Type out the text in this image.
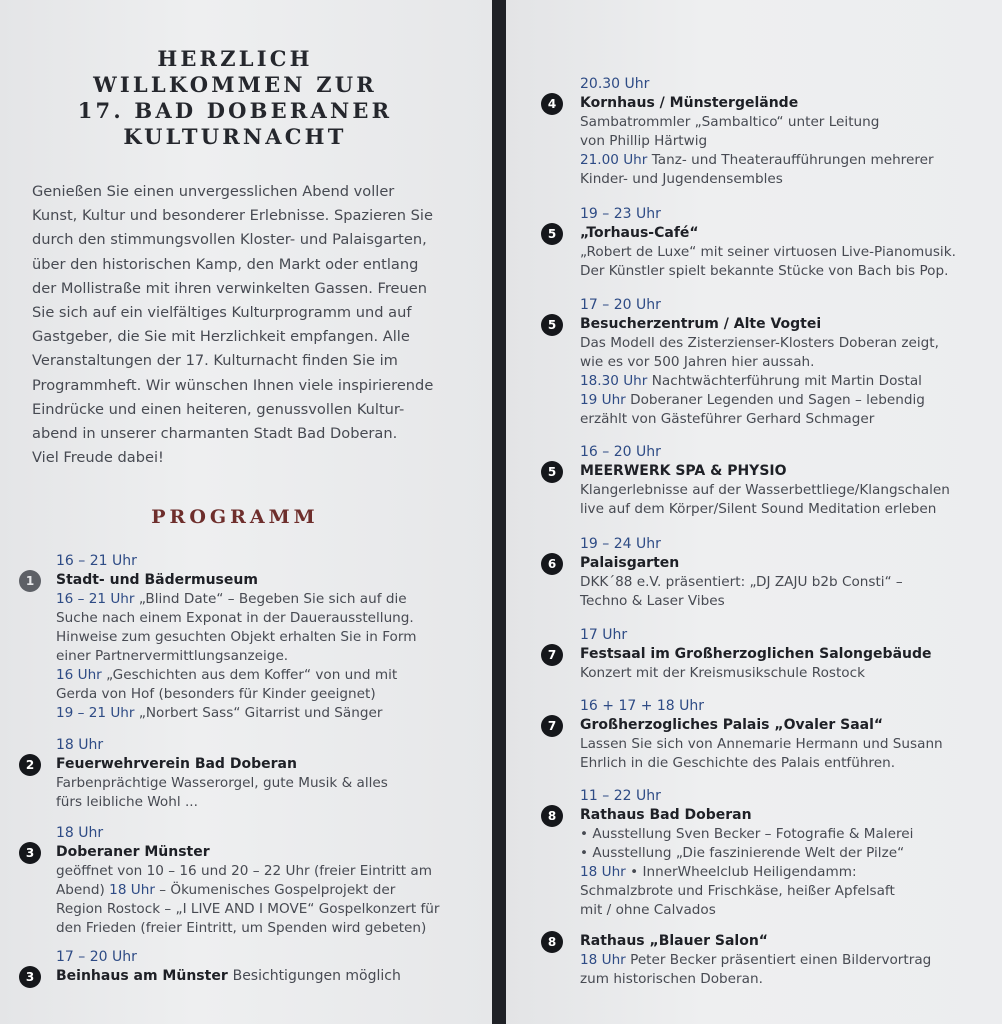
HERZLICH
WILLKOMMEN ZUR
17. BAD DOBERANER
KULTURNACHT
Genießen Sie einen unvergesslichen Abend voller
Kunst, Kultur und besonderer Erlebnisse. Spazieren Sie
durch den stimmungsvollen Kloster- und Palaisgarten,
über den historischen Kamp, den Markt oder entlang
der Mollistraße mit ihren verwinkelten Gassen. Freuen
Sie sich auf ein vielfältiges Kulturprogramm und auf
Gastgeber, die Sie mit Herzlichkeit empfangen. Alle
Veranstaltungen der 17. Kulturnacht finden Sie im
Programmheft. Wir wünschen Ihnen viele inspirierende
Eindrücke und einen heiteren, genussvollen Kultur-
abend in unserer charmanten Stadt Bad Doberan.
Viel Freude dabei!
PROGRAMM
16 – 21 Uhr
Stadt- und Bädermuseum
16 – 21 Uhr „Blind Date“ – Begeben Sie sich auf die
Suche nach einem Exponat in der Dauerausstellung.
Hinweise zum gesuchten Objekt erhalten Sie in Form
einer Partnervermittlungsanzeige.
16 Uhr „Geschichten aus dem Koffer“ von und mit
Gerda von Hof (besonders für Kinder geeignet)
19 – 21 Uhr „Norbert Sass“ Gitarrist und Sänger
1
18 Uhr
Feuerwehrverein Bad Doberan
Farbenprächtige Wasserorgel, gute Musik & alles
fürs leibliche Wohl ...
2
18 Uhr
Doberaner Münster
geöffnet von 10 – 16 und 20 – 22 Uhr (freier Eintritt am
Abend) 18 Uhr – Ökumenisches Gospelprojekt der
Region Rostock – „I LIVE AND I MOVE“ Gospelkonzert für
den Frieden (freier Eintritt, um Spenden wird gebeten)
3
17 – 20 Uhr
Beinhaus am Münster Besichtigungen möglich
3
20.30 Uhr
Kornhaus / Münstergelände
Sambatrommler „Sambaltico“ unter Leitung
von Phillip Härtwig
21.00 Uhr Tanz- und Theateraufführungen mehrerer
Kinder- und Jugendensembles
4
19 – 23 Uhr
„Torhaus-Café“
„Robert de Luxe“ mit seiner virtuosen Live-Pianomusik.
Der Künstler spielt bekannte Stücke von Bach bis Pop.
5
17 – 20 Uhr
Besucherzentrum / Alte Vogtei
Das Modell des Zisterzienser-Klosters Doberan zeigt,
wie es vor 500 Jahren hier aussah.
18.30 Uhr Nachtwächterführung mit Martin Dostal
19 Uhr Doberaner Legenden und Sagen – lebendig
erzählt von Gästeführer Gerhard Schmager
5
16 – 20 Uhr
MEERWERK SPA & PHYSIO
Klangerlebnisse auf der Wasserbettliege/Klangschalen
live auf dem Körper/Silent Sound Meditation erleben
5
19 – 24 Uhr
Palaisgarten
DKK´88 e.V. präsentiert: „DJ ZAJU b2b Consti“ –
Techno & Laser Vibes
6
17 Uhr
Festsaal im Großherzoglichen Salongebäude
Konzert mit der Kreismusikschule Rostock
7
16 + 17 + 18 Uhr
Großherzogliches Palais „Ovaler Saal“
Lassen Sie sich von Annemarie Hermann und Susann
Ehrlich in die Geschichte des Palais entführen.
7
11 – 22 Uhr
Rathaus Bad Doberan
• Ausstellung Sven Becker – Fotografie & Malerei
• Ausstellung „Die faszinierende Welt der Pilze“
18 Uhr • InnerWheelclub Heiligendamm:
Schmalzbrote und Frischkäse, heißer Apfelsaft
mit / ohne Calvados
8
Rathaus „Blauer Salon“
18 Uhr Peter Becker präsentiert einen Bildervortrag
zum historischen Doberan.
8
